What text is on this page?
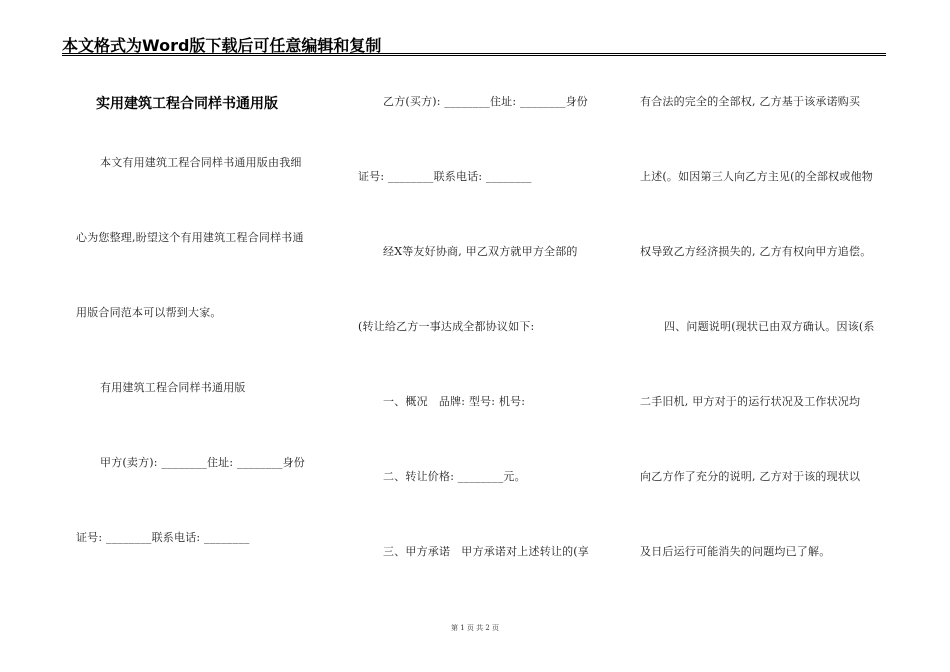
本文格式为Word版下载后可任意编辑和复制
实用建筑工程合同样书通用版
本文有用建筑工程合同样书通用版由我细
心为您整理,盼望这个有用建筑工程合同样书通
用版合同范本可以帮到大家。
有用建筑工程合同样书通用版
甲方(卖方): ________住址: ________身份
证号: ________联系电话: ________
乙方(买方): ________住址: ________身份
证号: ________联系电话: ________
经X等友好协商, 甲乙双方就甲方全部的
(转让给乙方一事达成全都协议如下:
一、概况   品牌: 型号: 机号:
二、转让价格: ________元。
三、甲方承诺   甲方承诺对上述转让的(享
有合法的完全的全部权, 乙方基于该承诺购买
上述(。如因第三人向乙方主见(的全部权或他物
权导致乙方经济损失的, 乙方有权向甲方追偿。
四、问题说明(现状已由双方确认。因该(系
二手旧机, 甲方对于的运行状况及工作状况均
向乙方作了充分的说明, 乙方对于该的现状以
及日后运行可能消失的问题均已了解。
第 1 页 共 2 页
